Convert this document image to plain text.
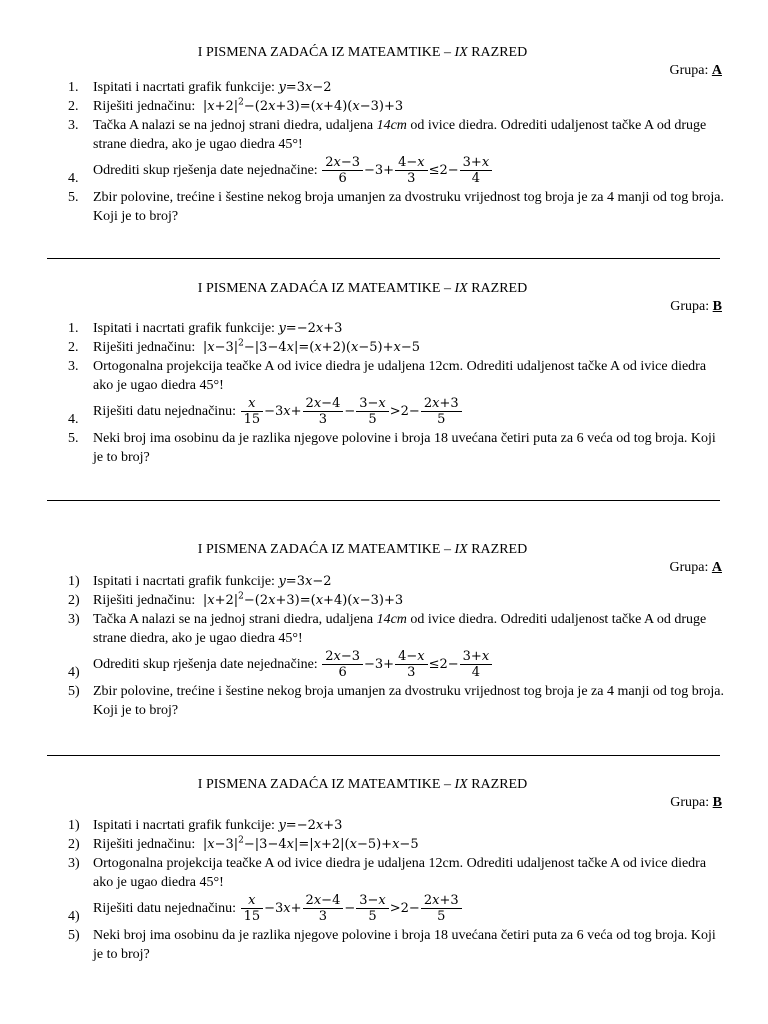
I PISMENA ZADAĆA IZ MATEAMTIKE – IX RAZRED
Grupa: A
1. Ispitati i nacrtati grafik funkcije: y=3x−2
2. Riješiti jednačinu:  $|x+2|^2-(2x+3)=(x+4)(x-3)+3$
3. Tačka A nalazi se na jednoj strani diedra, udaljena 14cm od ivice diedra. Odrediti udaljenost tačke A od druge strane diedra, ako je ugao diedra 45°!
4.
Odrediti skup rješenja date nejednačine: $\frac{2x-3}{6} -3+ \frac{4-x}{3} \le 2- \frac{3+x}{4}$
5. Zbir polovine, trećine i šestine nekog broja umanjen za dvostruku vrijednost tog broja je za 4 manji od tog broja. Koji je to broj?
I PISMENA ZADAĆA IZ MATEAMTIKE – IX RAZRED
Grupa: B
1. Ispitati i nacrtati grafik funkcije: y=−2x+3
2. Riješiti jednačinu:  $|x-3|^2-|3-4x|=(x+2)(x-5)+x-5$
3. Ortogonalna projekcija teačke A od ivice diedra je udaljena 12cm. Odrediti udaljenost tačke A od ivice diedra ako je ugao diedra 45°!
4.
Riješiti datu nejednačinu: $\frac{x}{15} -3x+ \frac{2x-4}{3} - \frac{3-x}{5} >2- \frac{2x+3}{5}$
5. Neki broj ima osobinu da je razlika njegove polovine i broja 18 uvećana četiri puta za 6 veća od tog broja. Koji je to broj?
I PISMENA ZADAĆA IZ MATEAMTIKE – IX RAZRED
Grupa: A
1) Ispitati i nacrtati grafik funkcije: y=3x−2
2) Riješiti jednačinu:  $|x+2|^2-(2x+3)=(x+4)(x-3)+3$
3) Tačka A nalazi se na jednoj strani diedra, udaljena 14cm od ivice diedra. Odrediti udaljenost tačke A od druge strane diedra, ako je ugao diedra 45°!
4)
Odrediti skup rješenja date nejednačine: $\frac{2x-3}{6} -3+ \frac{4-x}{3} \le 2- \frac{3+x}{4}$
5) Zbir polovine, trećine i šestine nekog broja umanjen za dvostruku vrijednost tog broja je za 4 manji od tog broja. Koji je to broj?
I PISMENA ZADAĆA IZ MATEAMTIKE – IX RAZRED
Grupa: B
1) Ispitati i nacrtati grafik funkcije: y=−2x+3
2) Riješiti jednačinu:  $|x-3|^2-|3-4x|=|x+2|(x-5)+x-5$
3) Ortogonalna projekcija teačke A od ivice diedra je udaljena 12cm. Odrediti udaljenost tačke A od ivice diedra ako je ugao diedra 45°!
4)
Riješiti datu nejednačinu: $\frac{x}{15} -3x+ \frac{2x-4}{3} - \frac{3-x}{5} >2- \frac{2x+3}{5}$
5) Neki broj ima osobinu da je razlika njegove polovine i broja 18 uvećana četiri puta za 6 veća od tog broja. Koji je to broj?
